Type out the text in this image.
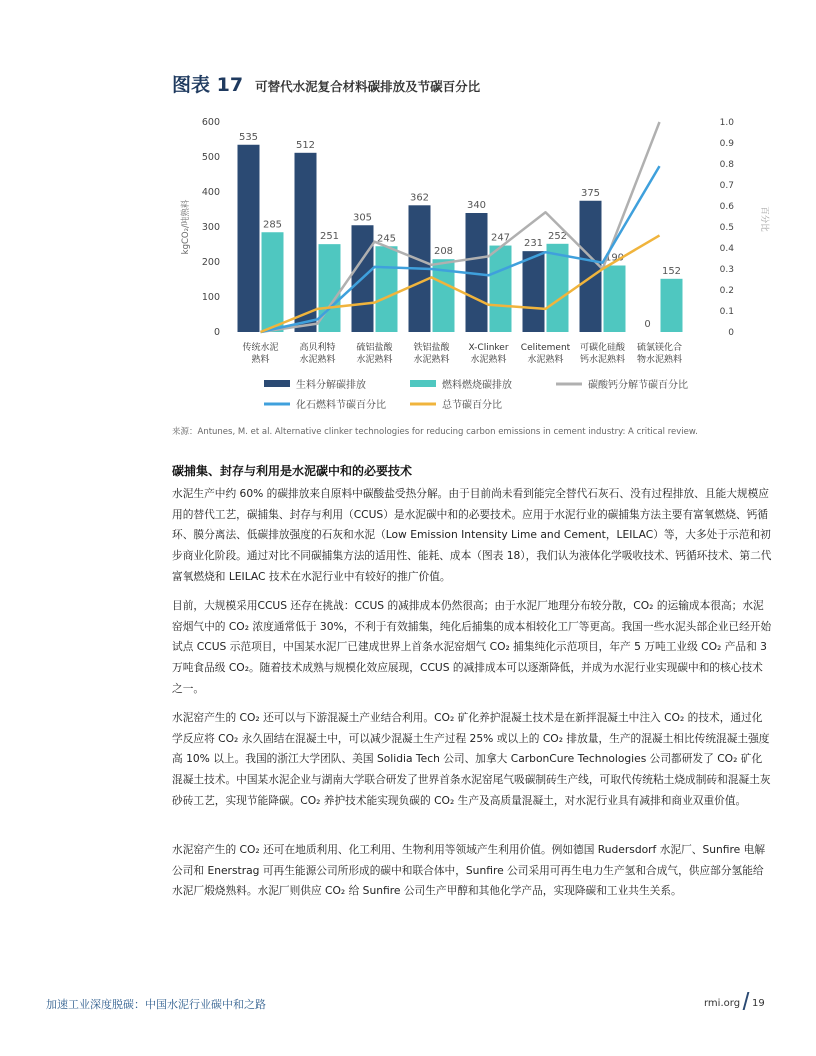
图表 17 可替代水泥复合材料碳排放及节碳百分比
0
100
200
300
400
500
600
0
0.1
0.2
0.3
0.4
0.5
0.6
0.7
0.8
0.9
1.0
kgCO₂/吨熟料	百分比
535
512
305
362
340
231
375
0
285
251	245
208
247	252
190
152
传统水泥熟料
高贝利特水泥熟料
硫铝盐酸水泥熟料
铁铝盐酸水泥熟料
X-Clinker 水泥熟料
Celitement 水泥熟料
可碳化硅酸钙水泥熟料
硫氯镁化合物水泥熟料
生料分解碳排放	燃料燃烧碳排放	碳酸钙分解节碳百分比
化石燃料节碳百分比	总节碳百分比
来源：Antunes, M. et al. Alternative clinker technologies for reducing carbon emissions in cement industry: A critical review.
碳捕集、封存与利用是水泥碳中和的必要技术

水泥生产中约 60% 的碳排放来自原料中碳酸盐受热分解。由于目前尚未看到能完全替代石灰石、没有过程排放、且能大规模应用的替代工艺，碳捕集、封存与利用（CCUS）是水泥碳中和的必要技术。应用于水泥行业的碳捕集方法主要有富氧燃烧、钙循环、膜分离法、低碳排放强度的石灰和水泥（Low Emission Intensity Lime and Cement，LEILAC）等，大多处于示范和初步商业化阶段。通过对比不同碳捕集方法的适用性、能耗、成本（图表 18），我们认为液体化学吸收技术、钙循环技术、第二代富氧燃烧和 LEILAC 技术在水泥行业中有较好的推广价值。

目前，大规模采用CCUS 还存在挑战：CCUS 的减排成本仍然很高；由于水泥厂地理分布较分散，CO₂ 的运输成本很高；水泥窑烟气中的 CO₂ 浓度通常低于 30%，不利于有效捕集，纯化后捕集的成本相较化工厂等更高。我国一些水泥头部企业已经开始试点 CCUS 示范项目，中国某水泥厂已建成世界上首条水泥窑烟气 CO₂ 捕集纯化示范项目，年产 5 万吨工业级 CO₂ 产品和 3 万吨食品级 CO₂。随着技术成熟与规模化效应展现，CCUS 的减排成本可以逐渐降低，并成为水泥行业实现碳中和的核心技术之一。

水泥窑产生的 CO₂ 还可以与下游混凝土产业结合利用。CO₂ 矿化养护混凝土技术是在新拌混凝土中注入 CO₂ 的技术，通过化学反应将 CO₂ 永久固结在混凝土中，可以减少混凝土生产过程 25% 或以上的 CO₂ 排放量，生产的混凝土相比传统混凝土强度高 10% 以上。我国的浙江大学团队、美国 Solidia Tech 公司、加拿大 CarbonCure Technologies 公司都研发了 CO₂ 矿化混凝土技术。中国某水泥企业与湖南大学联合研发了世界首条水泥窑尾气吸碳制砖生产线，可取代传统粘土烧成制砖和混凝土灰砂砖工艺，实现节能降碳。CO₂ 养护技术能实现负碳的 CO₂ 生产及高质量混凝土，对水泥行业具有减排和商业双重价值。

水泥窑产生的 CO₂ 还可在地质利用、化工利用、生物利用等领域产生利用价值。例如德国 Rudersdorf 水泥厂、Sunfire 电解公司和 Enerstrag 可再生能源公司所形成的碳中和联合体中，Sunfire 公司采用可再生电力生产氢和合成气，供应部分氢能给水泥厂煅烧熟料。水泥厂则供应 CO₂ 给 Sunfire 公司生产甲醇和其他化学产品，实现降碳和工业共生关系。

加速工业深度脱碳：中国水泥行业碳中和之路	rmi.org 19
